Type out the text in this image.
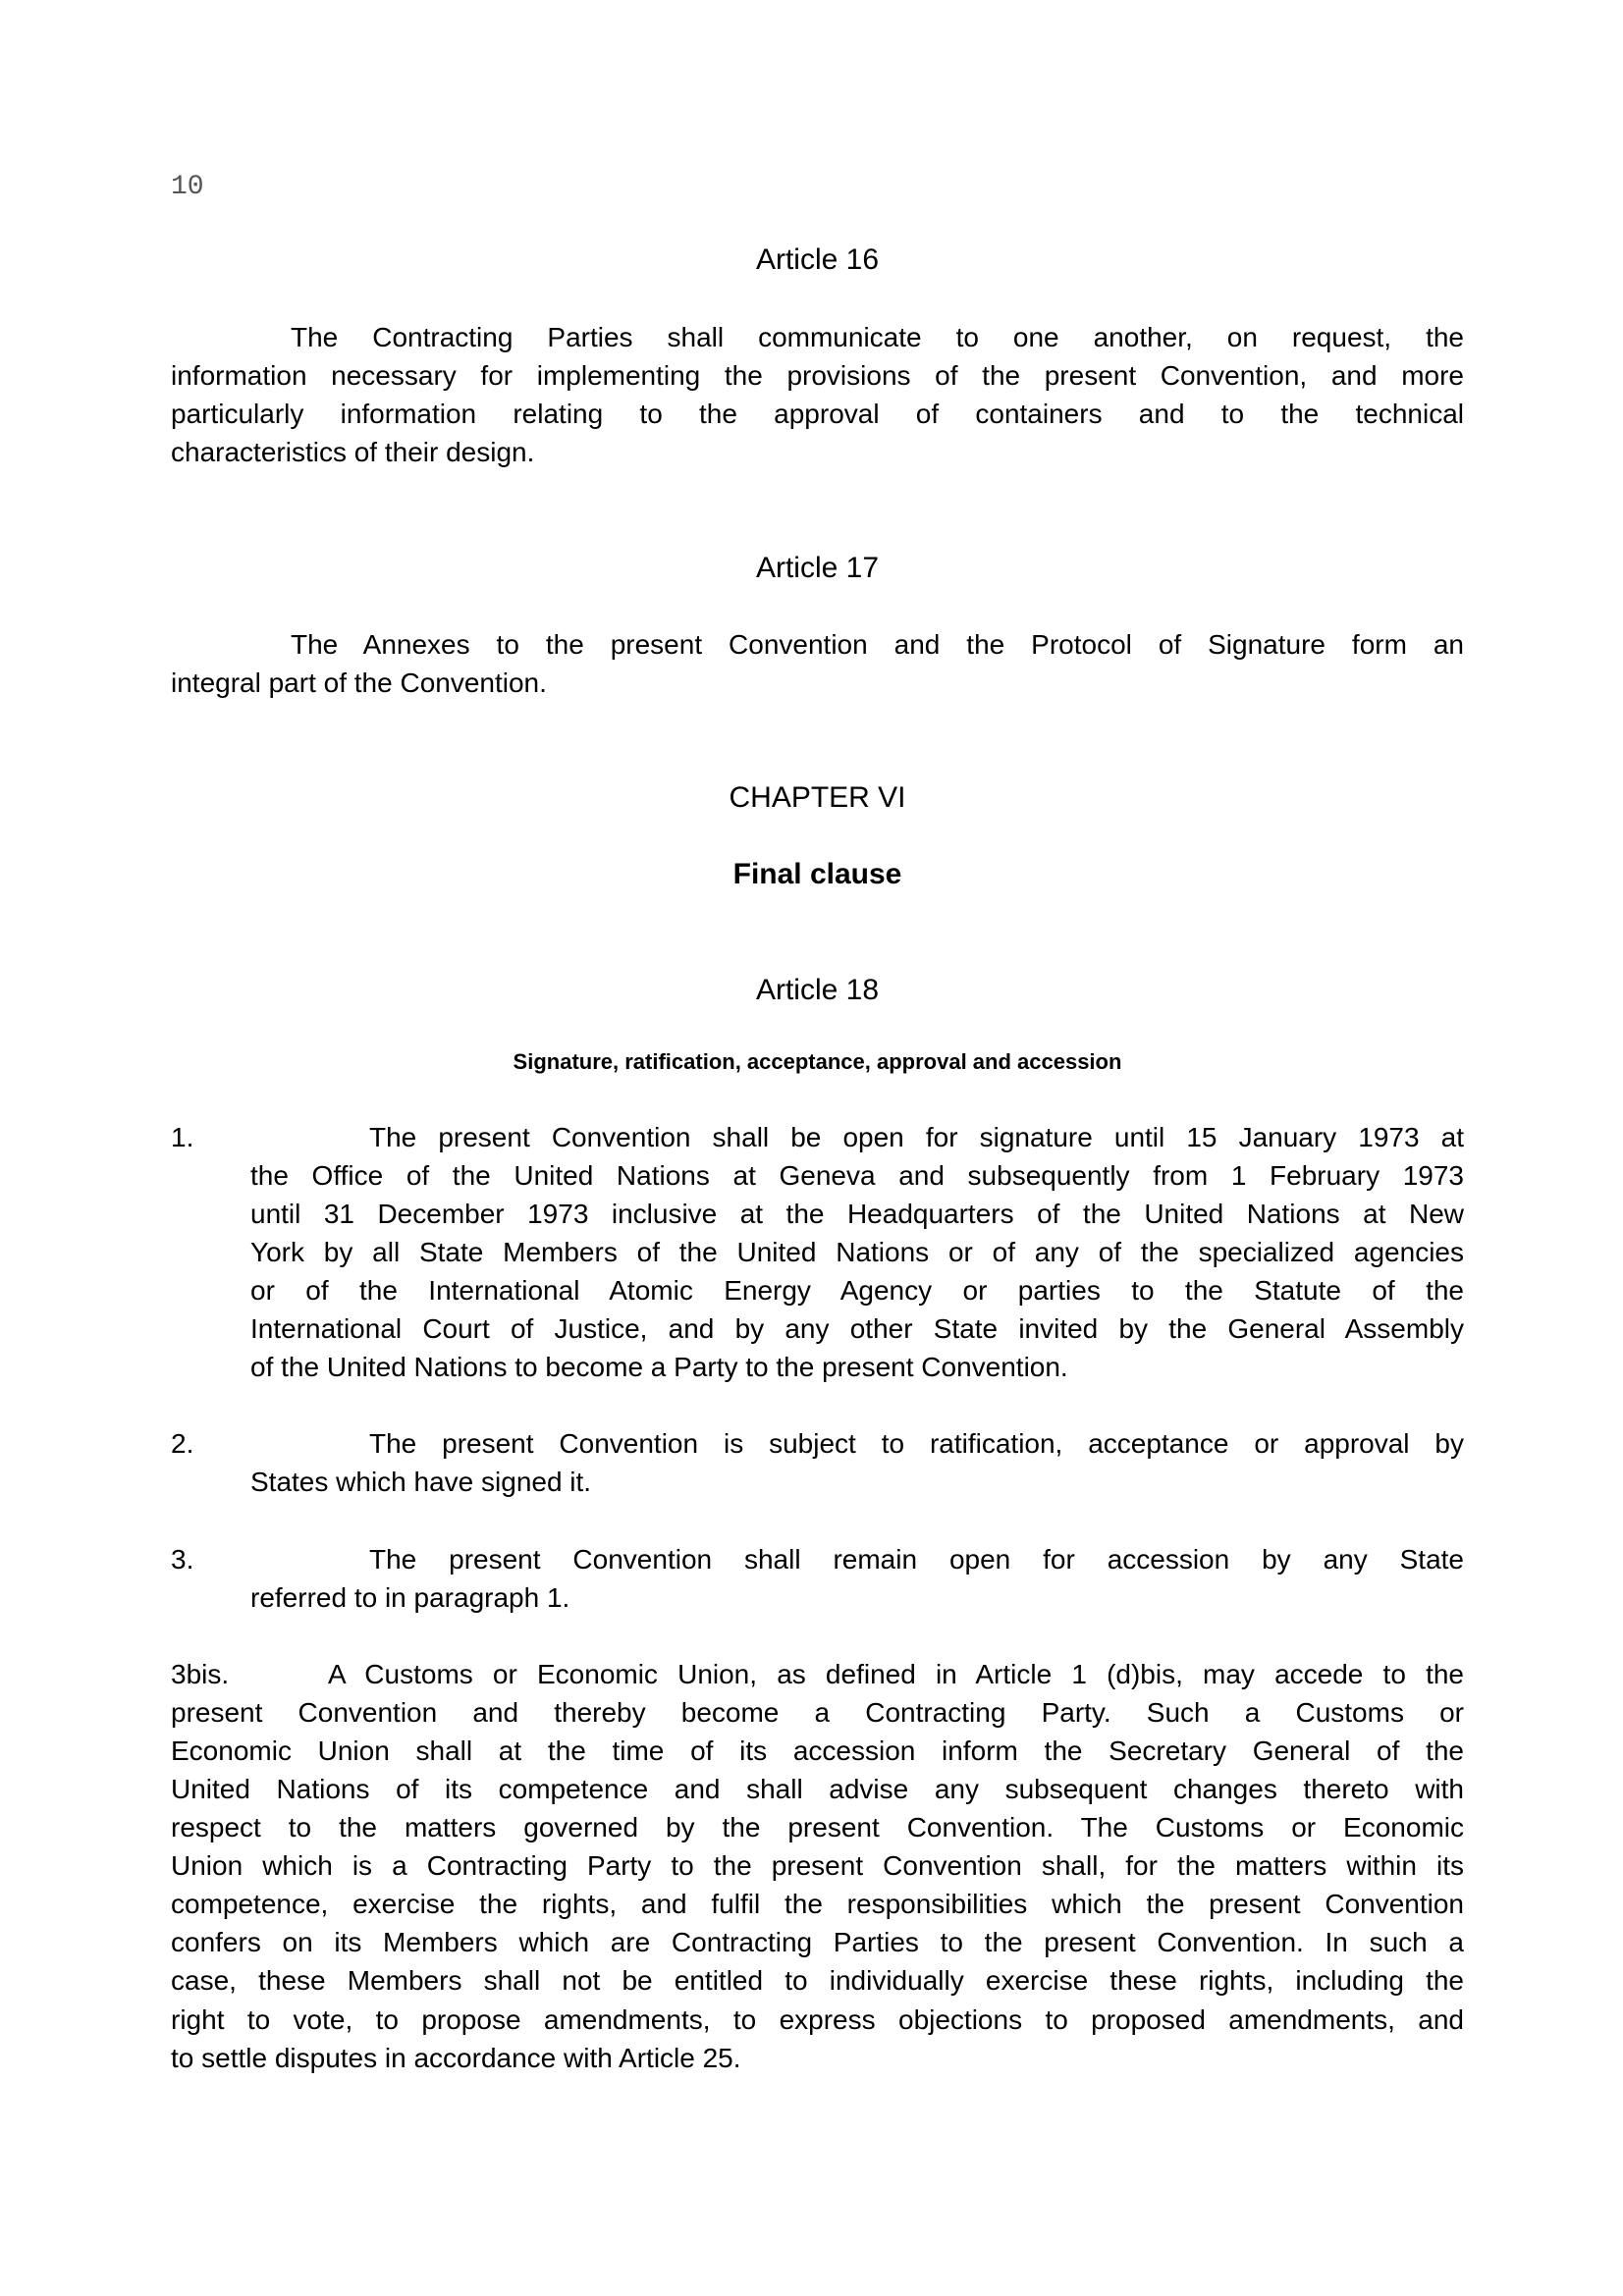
10
Article 16
The Contracting Parties shall communicate to one another, on request, the
information necessary for implementing the provisions of the present Convention, and more
particularly information relating to the approval of containers and to the technical
characteristics of their design.
Article 17
The Annexes to the present Convention and the Protocol of Signature form an
integral part of the Convention.
CHAPTER VI
Final clause
Article 18
Signature, ratification, acceptance, approval and accession
1.	The present Convention shall be open for signature until 15 January 1973 at
the Office of the United Nations at Geneva and subsequently from 1 February 1973
until 31 December 1973 inclusive at the Headquarters of the United Nations at New
York by all State Members of the United Nations or of any of the specialized agencies
or of the International Atomic Energy Agency or parties to the Statute of the
International Court of Justice, and by any other State invited by the General Assembly
of the United Nations to become a Party to the present Convention.
2.	The present Convention is subject to ratification, acceptance or approval by
States which have signed it.
3.	The present Convention shall remain open for accession by any State
referred to in paragraph 1.
3bis.	A Customs or Economic Union, as defined in Article 1 (d)bis, may accede to the
present Convention and thereby become a Contracting Party. Such a Customs or
Economic Union shall at the time of its accession inform the Secretary General of the
United Nations of its competence and shall advise any subsequent changes thereto with
respect to the matters governed by the present Convention. The Customs or Economic
Union which is a Contracting Party to the present Convention shall, for the matters within its
competence, exercise the rights, and fulfil the responsibilities which the present Convention
confers on its Members which are Contracting Parties to the present Convention. In such a
case, these Members shall not be entitled to individually exercise these rights, including the
right to vote, to propose amendments, to express objections to proposed amendments, and
to settle disputes in accordance with Article 25.
